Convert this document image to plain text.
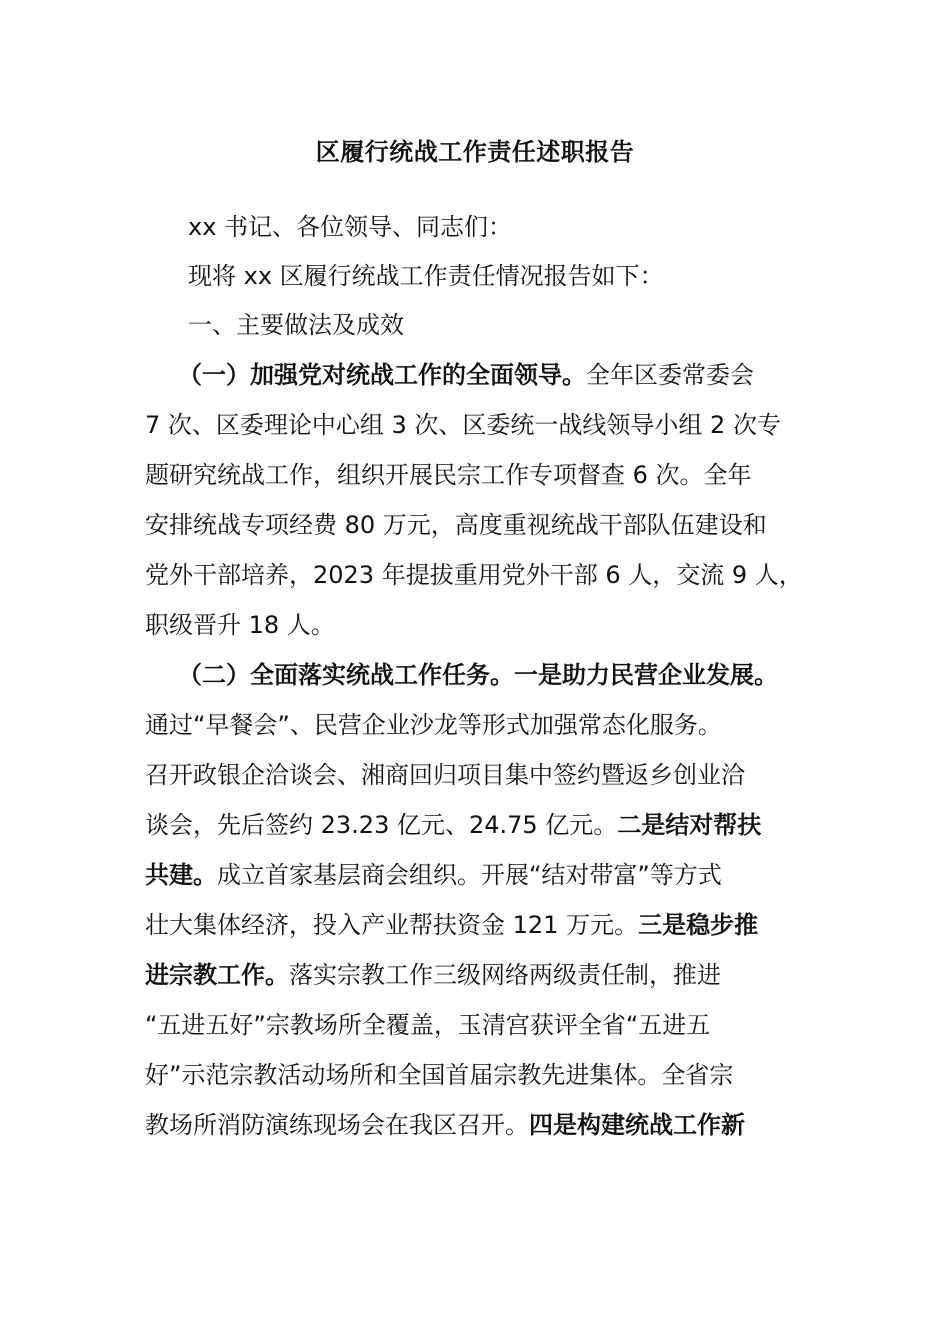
区履行统战工作责任述职报告
xx 书记、各位领导、同志们：
现将 xx 区履行统战工作责任情况报告如下：
一、主要做法及成效
（一）加强党对统战工作的全面领导。全年区委常委会
7 次、区委理论中心组 3 次、区委统一战线领导小组 2 次专
题研究统战工作，组织开展民宗工作专项督查 6 次。全年
安排统战专项经费 80 万元，高度重视统战干部队伍建设和
党外干部培养，2023 年提拔重用党外干部 6 人，交流 9 人，
职级晋升 18 人。
（二）全面落实统战工作任务。一是助力民营企业发展。
通过“早餐会”、民营企业沙龙等形式加强常态化服务。
召开政银企洽谈会、湘商回归项目集中签约暨返乡创业洽
谈会，先后签约 23.23 亿元、24.75 亿元。二是结对帮扶
共建。成立首家基层商会组织。开展“结对带富”等方式
壮大集体经济，投入产业帮扶资金 121 万元。三是稳步推
进宗教工作。落实宗教工作三级网络两级责任制，推进
“五进五好”宗教场所全覆盖，玉清宫获评全省“五进五
好”示范宗教活动场所和全国首届宗教先进集体。全省宗
教场所消防演练现场会在我区召开。四是构建统战工作新
